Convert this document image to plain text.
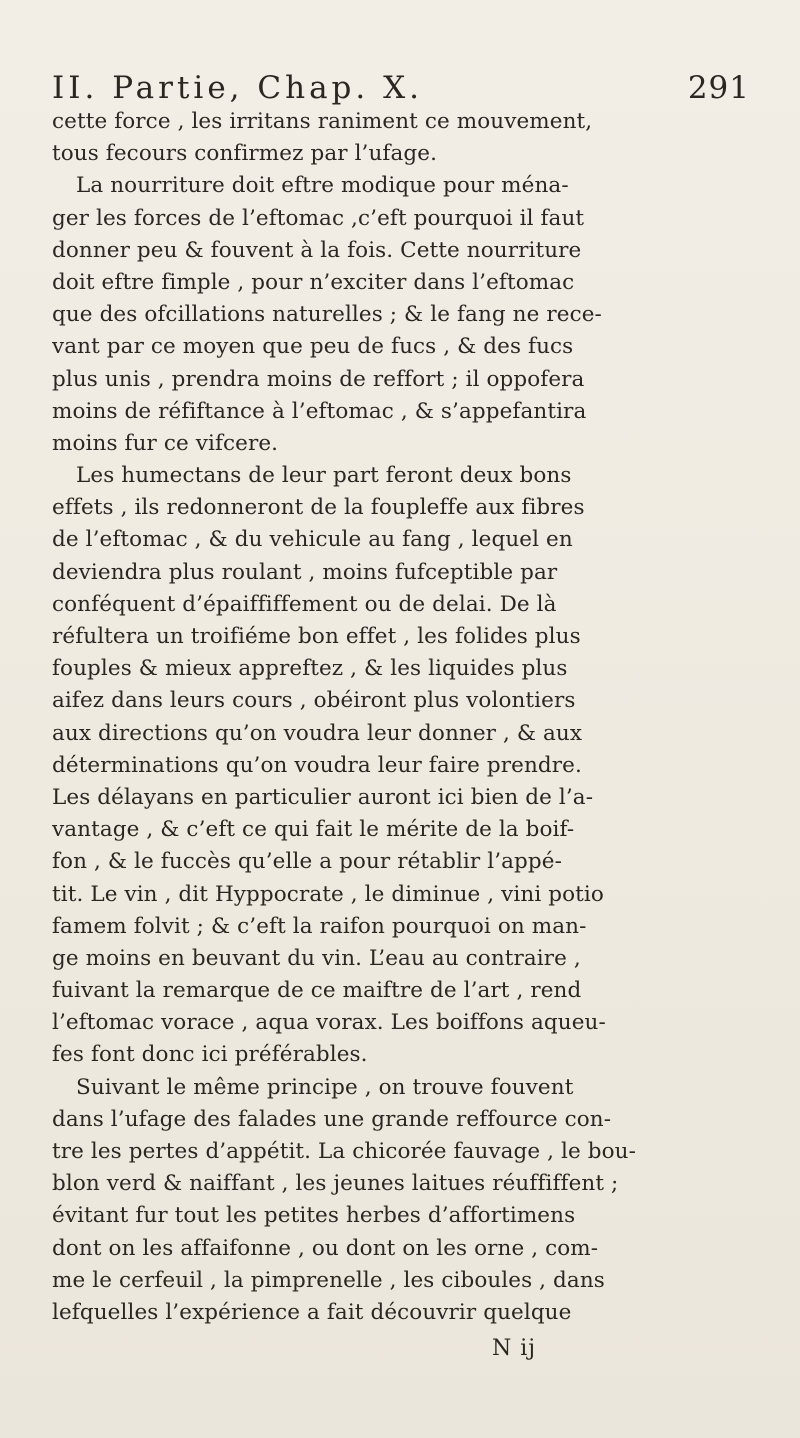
II. Partie, Chap. X.	291
cette force , les irritans raniment ce mouvement,
tous fecours confirmez par l’ufage.
La nourriture doit eftre modique pour ména-
ger les forces de l’eftomac ,c’eft pourquoi il faut
donner peu & fouvent à la fois. Cette nourriture
doit eftre fimple , pour n’exciter dans l’eftomac
que des ofcillations naturelles ; & le fang ne rece-
vant par ce moyen que peu de fucs , & des fucs
plus unis , prendra moins de reffort ; il oppofera
moins de réfiftance à l’eftomac , & s’appefantira
moins fur ce vifcere.
Les humectans de leur part feront deux bons
effets , ils redonneront de la foupleffe aux fibres
de l’eftomac , & du vehicule au fang , lequel en
deviendra plus roulant , moins fufceptible par
conféquent d’épaiffiffement ou de delai. De là
réfultera un troifiéme bon effet , les folides plus
fouples & mieux appreftez , & les liquides plus
aifez dans leurs cours , obéiront plus volontiers
aux directions qu’on voudra leur donner , & aux
déterminations qu’on voudra leur faire prendre.
Les délayans en particulier auront ici bien de l’a-
vantage , & c’eft ce qui fait le mérite de la boif-
fon , & le fuccès qu’elle a pour rétablir l’appé-
tit. Le vin , dit Hyppocrate , le diminue , vini potio
famem folvit ; & c’eft la raifon pourquoi on man-
ge moins en beuvant du vin. L’eau au contraire ,
fuivant la remarque de ce maiftre de l’art , rend
l’eftomac vorace , aqua vorax. Les boiffons aqueu-
fes font donc ici préférables.
Suivant le même principe , on trouve fouvent
dans l’ufage des falades une grande reffource con-
tre les pertes d’appétit. La chicorée fauvage , le bou-
blon verd & naiffant , les jeunes laitues réuffiffent ;
évitant fur tout les petites herbes d’affortimens
dont on les affaifonne , ou dont on les orne , com-
me le cerfeuil , la pimprenelle , les ciboules , dans
lefquelles l’expérience a fait découvrir quelque
N ij
